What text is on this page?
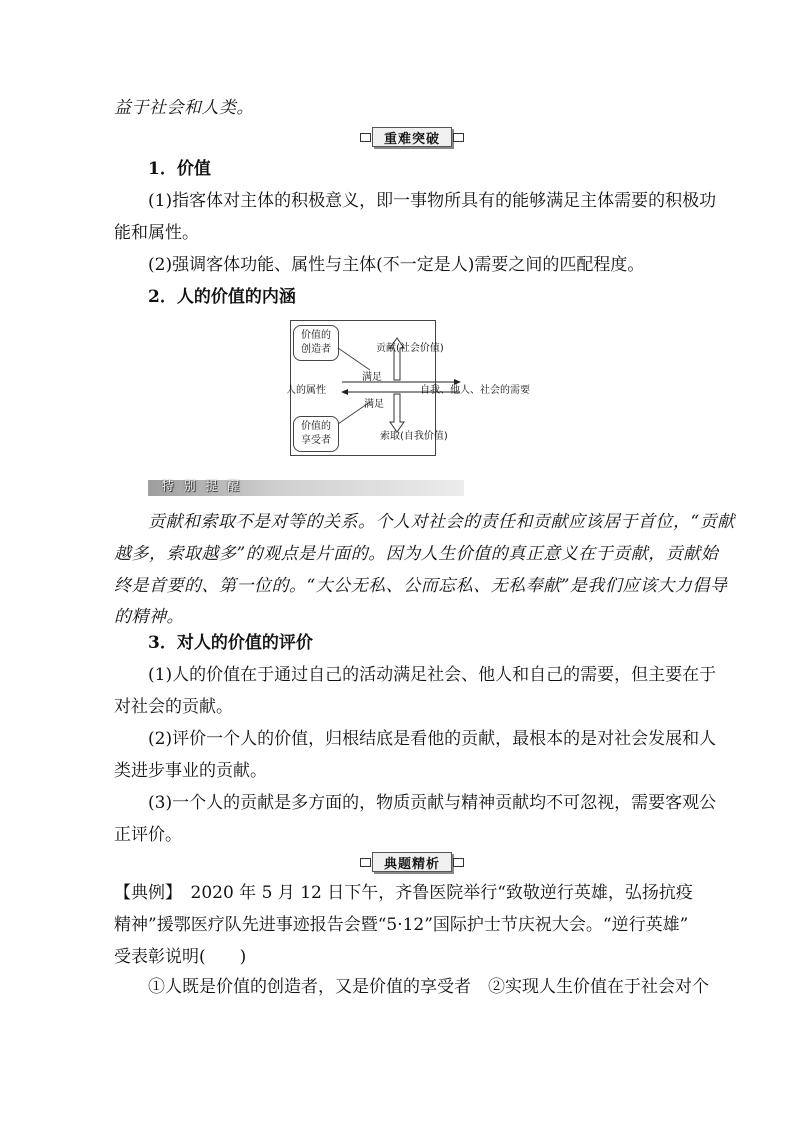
益于社会和人类。
重难突破
1．价值
(1)指客体对主体的积极意义，即一事物所具有的能够满足主体需要的积极功
能和属性。
(2)强调客体功能、属性与主体(不一定是人)需要之间的匹配程度。
2．人的价值的内涵
价值的
创造者
价值的
享受者
贡献(社会价值)
满足
人的属性	自我、他人、社会的需要
满足
索取(自我价值)
特 别 提 醒
贡献和索取不是对等的关系。个人对社会的责任和贡献应该居于首位，“贡献
越多，索取越多”的观点是片面的。因为人生价值的真正意义在于贡献，贡献始
终是首要的、第一位的。“大公无私、公而忘私、无私奉献”是我们应该大力倡导
的精神。
3．对人的价值的评价
(1)人的价值在于通过自己的活动满足社会、他人和自己的需要，但主要在于
对社会的贡献。
(2)评价一个人的价值，归根结底是看他的贡献，最根本的是对社会发展和人
类进步事业的贡献。
(3)一个人的贡献是多方面的，物质贡献与精神贡献均不可忽视，需要客观公
正评价。
典题精析
【典例】　2020 年 5 月 12 日下午，齐鲁医院举行“致敬逆行英雄，弘扬抗疫
精神”援鄂医疗队先进事迹报告会暨“5·12”国际护士节庆祝大会。“逆行英雄”
受表彰说明(　　)
①人既是价值的创造者，又是价值的享受者　②实现人生价值在于社会对个
